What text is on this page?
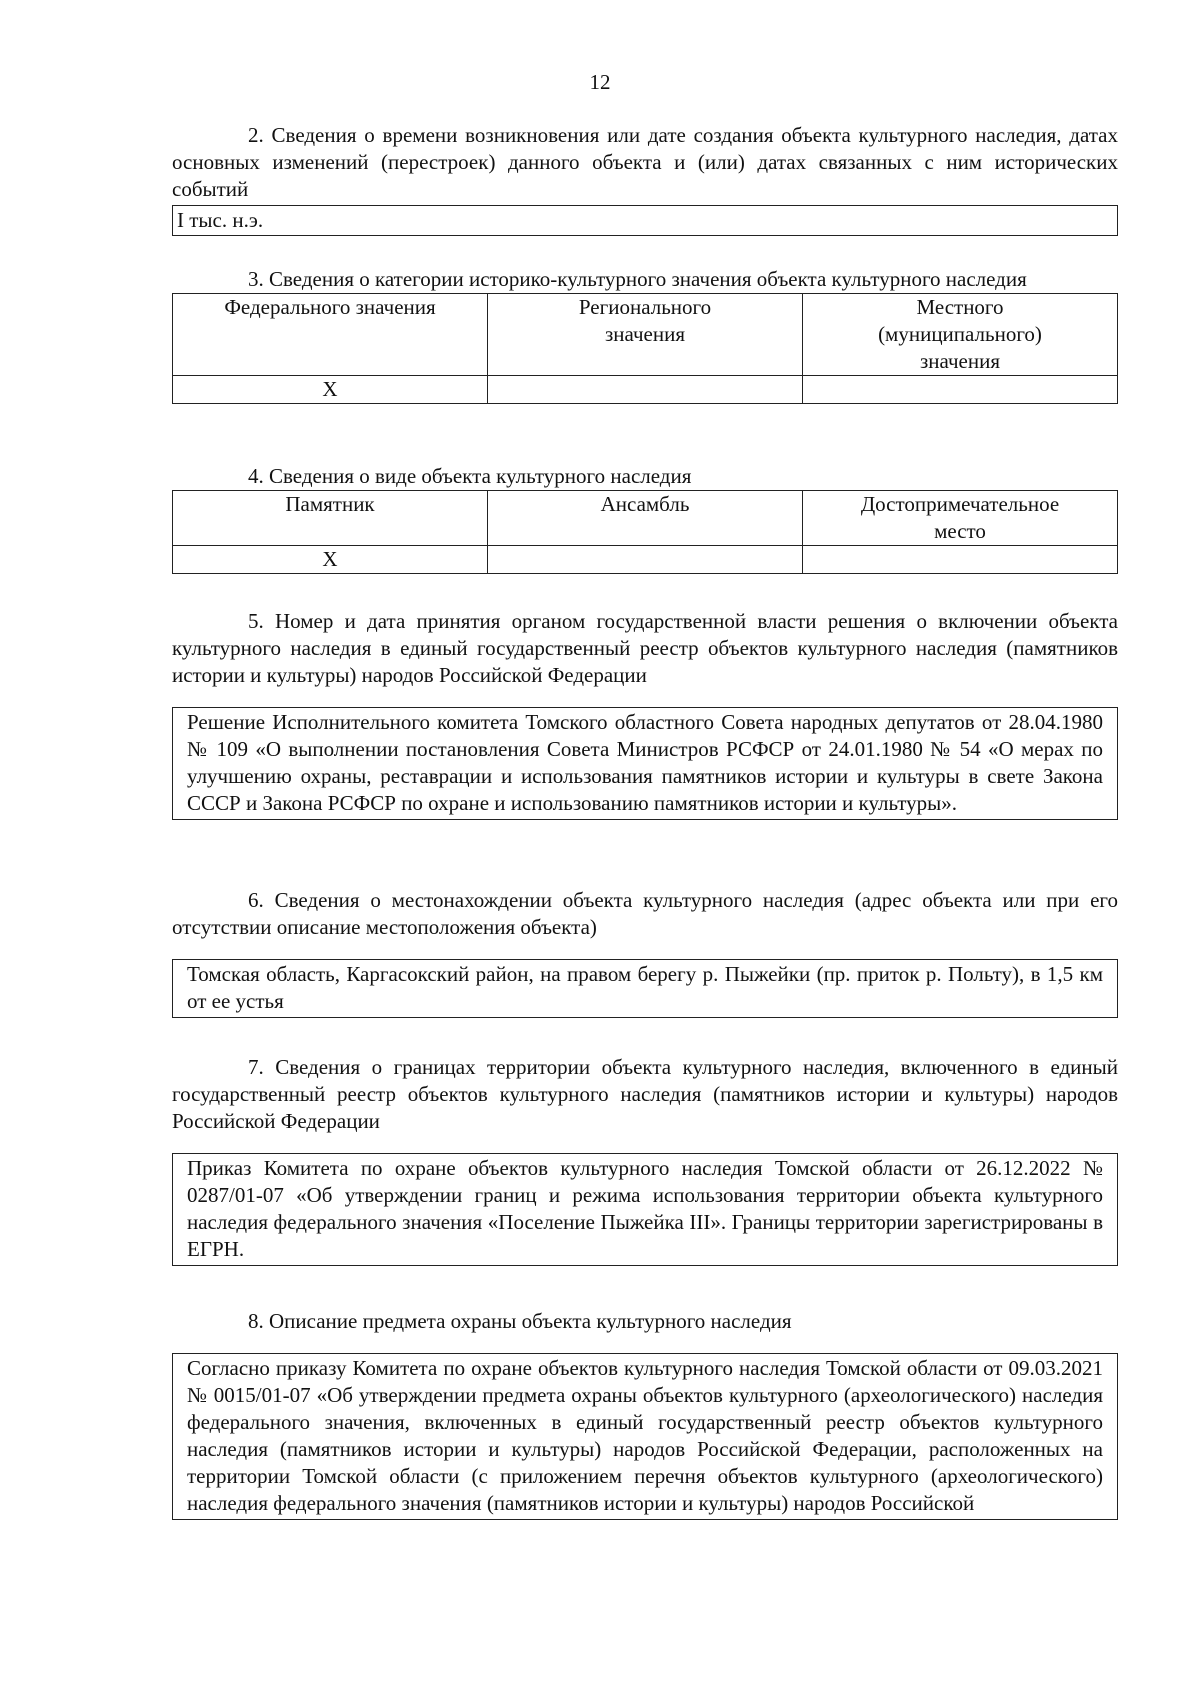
12

2. Сведения о времени возникновения или дате создания объекта культурного наследия, датах основных изменений (перестроек) данного объекта и (или) датах связанных с ним исторических событий

I тыс. н.э.

3. Сведения о категории историко-культурного значения объекта культурного наследия

Федерального значения	Регионального значения	Местного (муниципального) значения
Х		

4. Сведения о виде объекта культурного наследия

Памятник	Ансамбль	Достопримечательное место
Х		

5. Номер и дата принятия органом государственной власти решения о включении объекта культурного наследия в единый государственный реестр объектов культурного наследия (памятников истории и культуры) народов Российской Федерации

Решение Исполнительного комитета Томского областного Совета народных депутатов от 28.04.1980 № 109 «О выполнении постановления Совета Министров РСФСР от 24.01.1980 № 54 «О мерах по улучшению охраны, реставрации и использования памятников истории и культуры в свете Закона СССР и Закона РСФСР по охране и использованию памятников истории и культуры».

6. Сведения о местонахождении объекта культурного наследия (адрес объекта или при его отсутствии описание местоположения объекта)

Томская область, Каргасокский район, на правом берегу р. Пыжейки (пр. приток р. Польту), в 1,5 км от ее устья

7. Сведения о границах территории объекта культурного наследия, включенного в единый государственный реестр объектов культурного наследия (памятников истории и культуры) народов Российской Федерации

Приказ Комитета по охране объектов культурного наследия Томской области от 26.12.2022 № 0287/01-07 «Об утверждении границ и режима использования территории объекта культурного наследия федерального значения «Поселение Пыжейка III». Границы территории зарегистрированы в ЕГРН.

8. Описание предмета охраны объекта культурного наследия

Согласно приказу Комитета по охране объектов культурного наследия Томской области от 09.03.2021 № 0015/01-07 «Об утверждении предмета охраны объектов культурного (археологического) наследия федерального значения, включенных в единый государственный реестр объектов культурного наследия (памятников истории и культуры) народов Российской Федерации, расположенных на территории Томской области (с приложением перечня объектов культурного (археологического) наследия федерального значения (памятников истории и культуры) народов Российской
